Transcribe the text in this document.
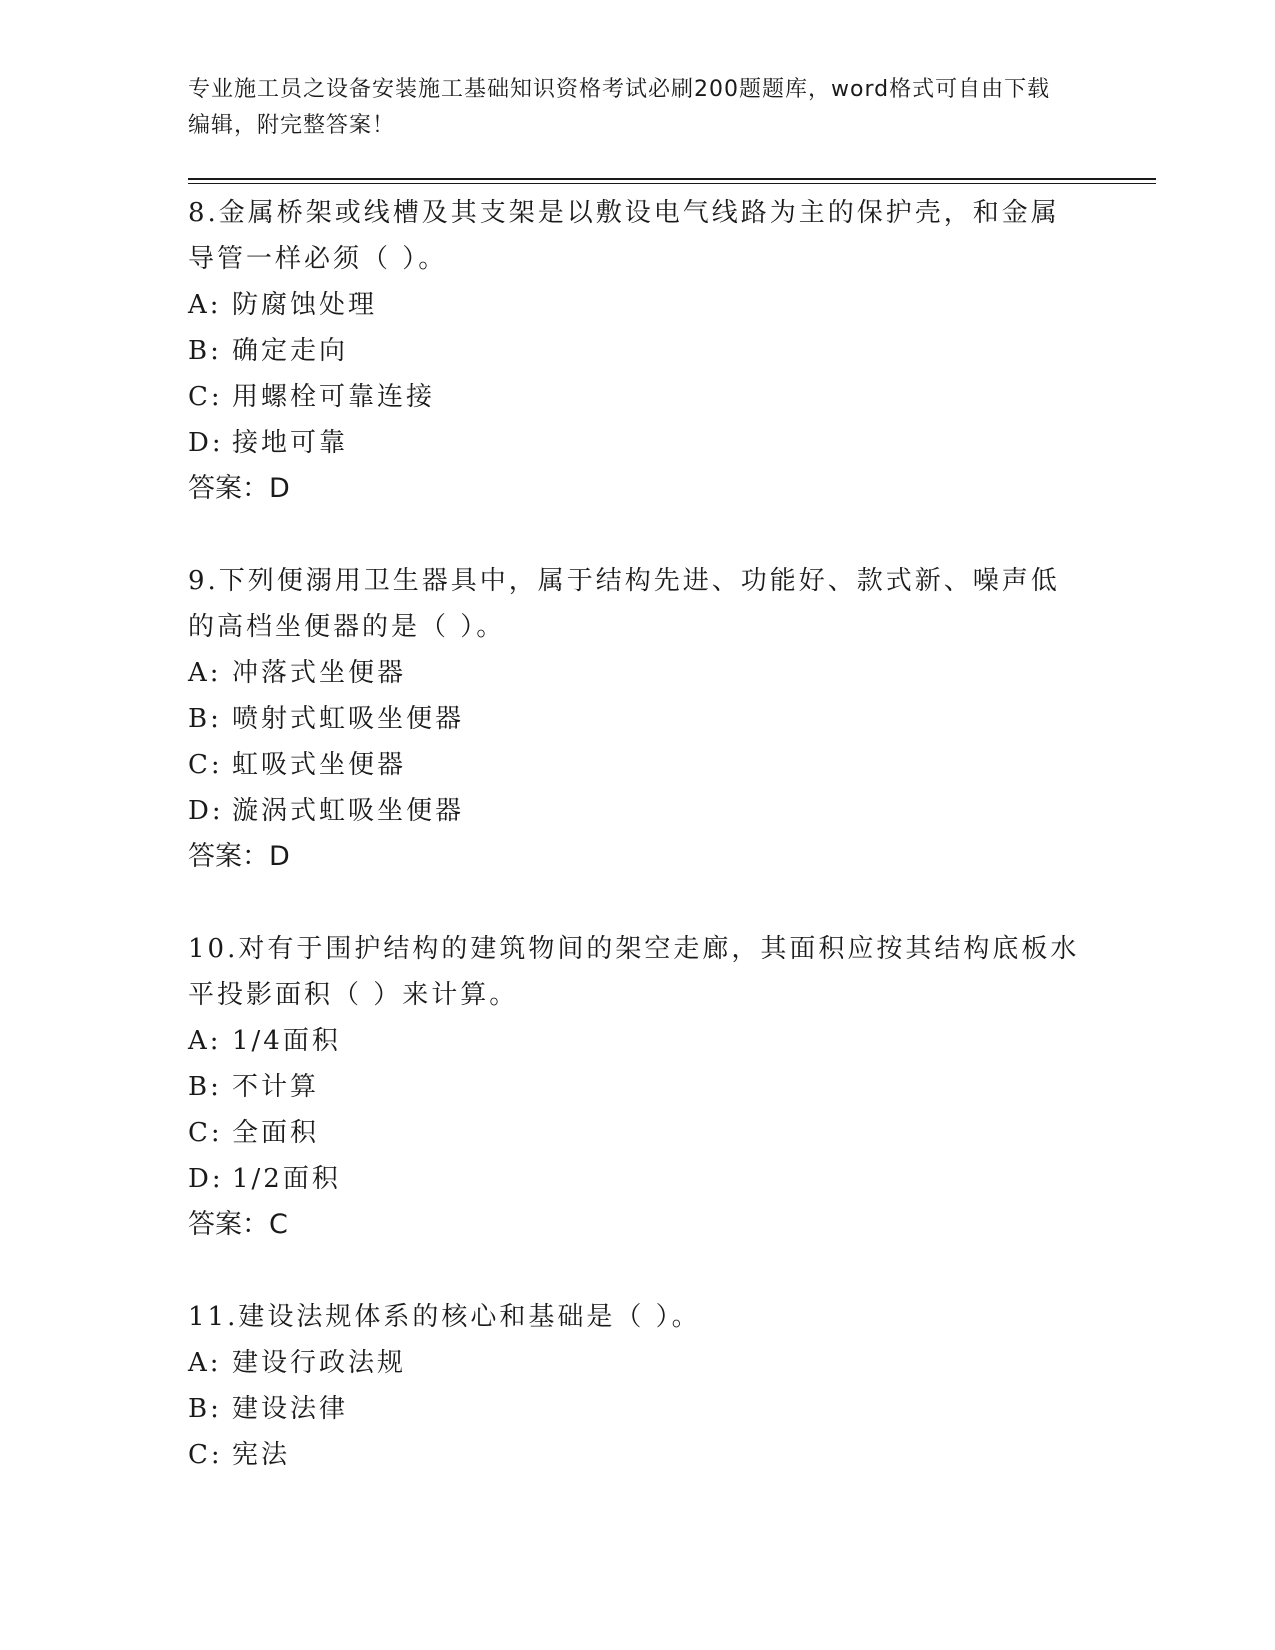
专业施工员之设备安装施工基础知识资格考试必刷200题题库，word格式可自由下载编辑，附完整答案！

8.金属桥架或线槽及其支架是以敷设电气线路为主的保护壳，和金属导管一样必须（ ）。

A: 防腐蚀处理

B: 确定走向

C: 用螺栓可靠连接

D: 接地可靠

答案：D

9.下列便溺用卫生器具中，属于结构先进、功能好、款式新、噪声低的高档坐便器的是（ ）。

A: 冲落式坐便器

B: 喷射式虹吸坐便器

C: 虹吸式坐便器

D: 漩涡式虹吸坐便器

答案：D

10.对有于围护结构的建筑物间的架空走廊，其面积应按其结构底板水平投影面积（ ）来计算。

A: 1/4面积

B: 不计算

C: 全面积

D: 1/2面积

答案：C

11.建设法规体系的核心和基础是（ ）。

A: 建设行政法规

B: 建设法律

C: 宪法
